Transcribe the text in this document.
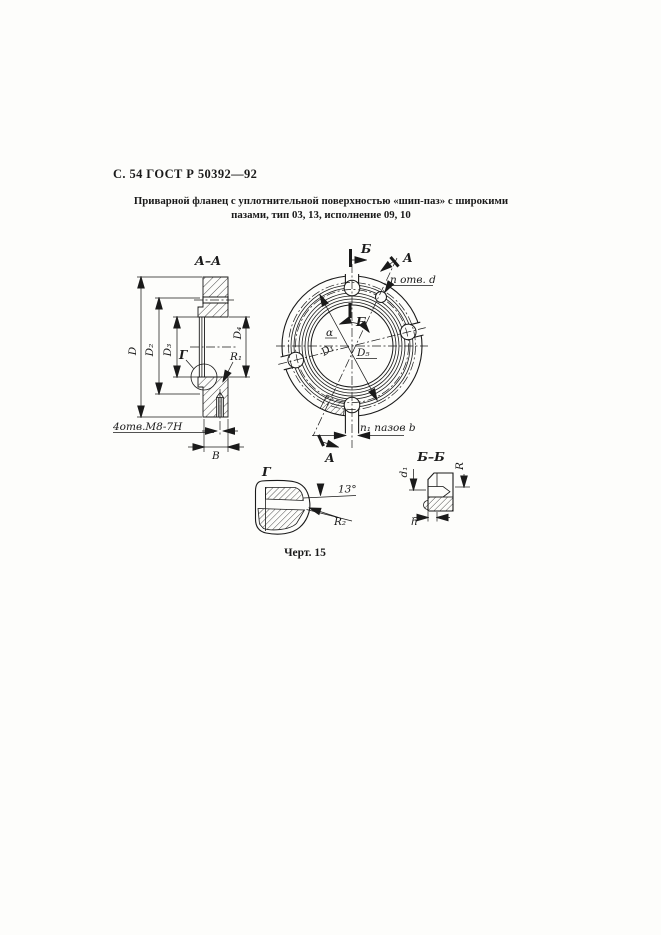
С. 54 ГОСТ Р 50392—92
Приварной фланец с уплотнительной поверхностью «шип-паз» с широкими
пазами, тип 03, 13, исполнение 09, 10
Черт. 15
А–А
D D₂ D₃
D₄
B
4отв.М8-7Н
Г	R₁	D₁ D₅
α
Б
Б
А
А
n отв. d
n₁ пазов b
Г
13°
R₂
Б–Б
d₁
R
h
